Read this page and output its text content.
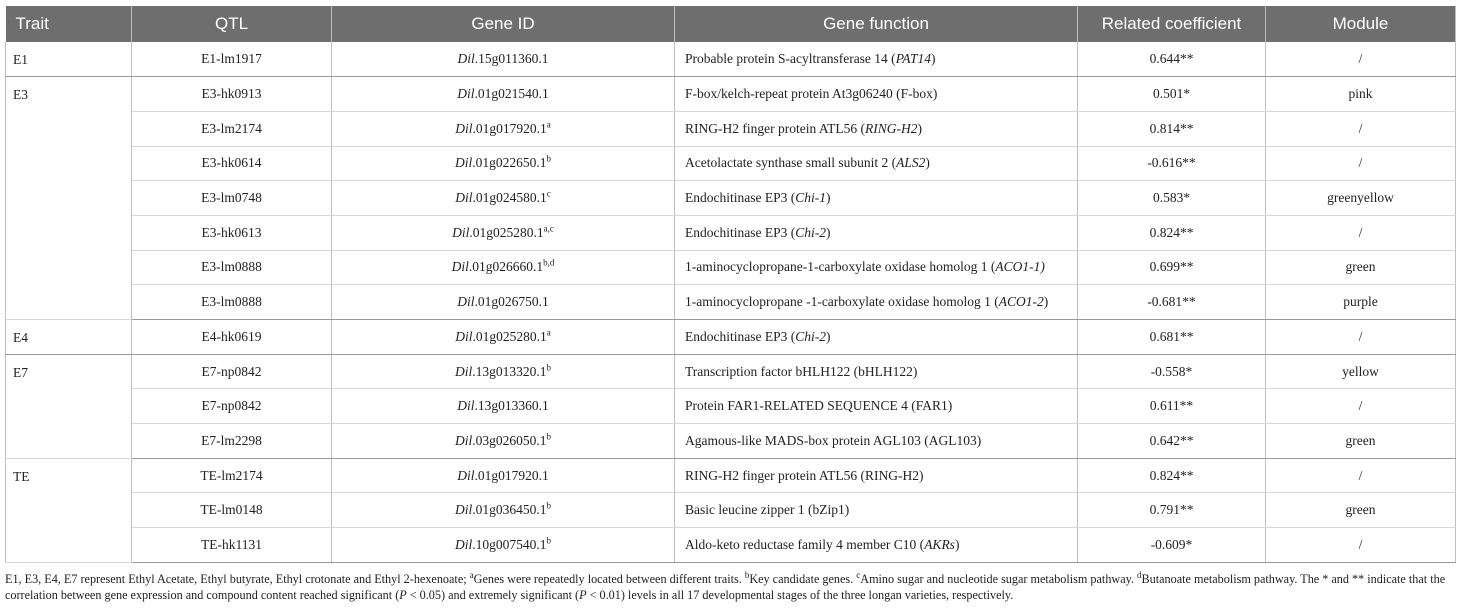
Trait	QTL	Gene ID	Gene function	Related coefficient	Module
E1	E1-lm1917	Dil.15g011360.1	Probable protein S-acyltransferase 14 (PAT14)	0.644**	/
E3	E3-hk0913	Dil.01g021540.1	F-box/kelch-repeat protein At3g06240 (F-box)	0.501*	pink
	E3-lm2174	Dil.01g017920.1$^a$	RING-H2 finger protein ATL56 (RING-H2)	0.814**	/
	E3-hk0614	Dil.01g022650.1$^b$	Acetolactate synthase small subunit 2 (ALS2)	-0.616**	/
	E3-lm0748	Dil.01g024580.1$^c$	Endochitinase EP3 (Chi-1)	0.583*	greenyellow
	E3-hk0613	Dil.01g025280.1$^{a,c}$	Endochitinase EP3 (Chi-2)	0.824**	/
	E3-lm0888	Dil.01g026660.1$^{b,d}$	1-aminocyclopropane-1-carboxylate oxidase homolog 1 (ACO1-1)	0.699**	green
	E3-lm0888	Dil.01g026750.1	1-aminocyclopropane -1-carboxylate oxidase homolog 1 (ACO1-2)	-0.681**	purple
E4	E4-hk0619	Dil.01g025280.1$^a$	Endochitinase EP3 (Chi-2)	0.681**	/
E7	E7-np0842	Dil.13g013320.1$^b$	Transcription factor bHLH122 (bHLH122)	-0.558*	yellow
	E7-np0842	Dil.13g013360.1	Protein FAR1-RELATED SEQUENCE 4 (FAR1)	0.611**	/
	E7-lm2298	Dil.03g026050.1$^b$	Agamous-like MADS-box protein AGL103 (AGL103)	0.642**	green
TE	TE-lm2174	Dil.01g017920.1	RING-H2 finger protein ATL56 (RING-H2)	0.824**	/
	TE-lm0148	Dil.01g036450.1$^b$	Basic leucine zipper 1 (bZip1)	0.791**	green
	TE-hk1131	Dil.10g007540.1$^b$	Aldo-keto reductase family 4 member C10 (AKRs)	-0.609*	/
E1, E3, E4, E7 represent Ethyl Acetate, Ethyl butyrate, Ethyl crotonate and Ethyl 2-hexenoate; $^a$Genes were repeatedly located between different traits. $^b$Key candidate genes. $^c$Amino sugar and nucleotide sugar metabolism pathway. $^d$Butanoate metabolism pathway. The * and ** indicate that the correlation between gene expression and compound content reached significant (P < 0.05) and extremely significant (P < 0.01) levels in all 17 developmental stages of the three longan varieties, respectively.
